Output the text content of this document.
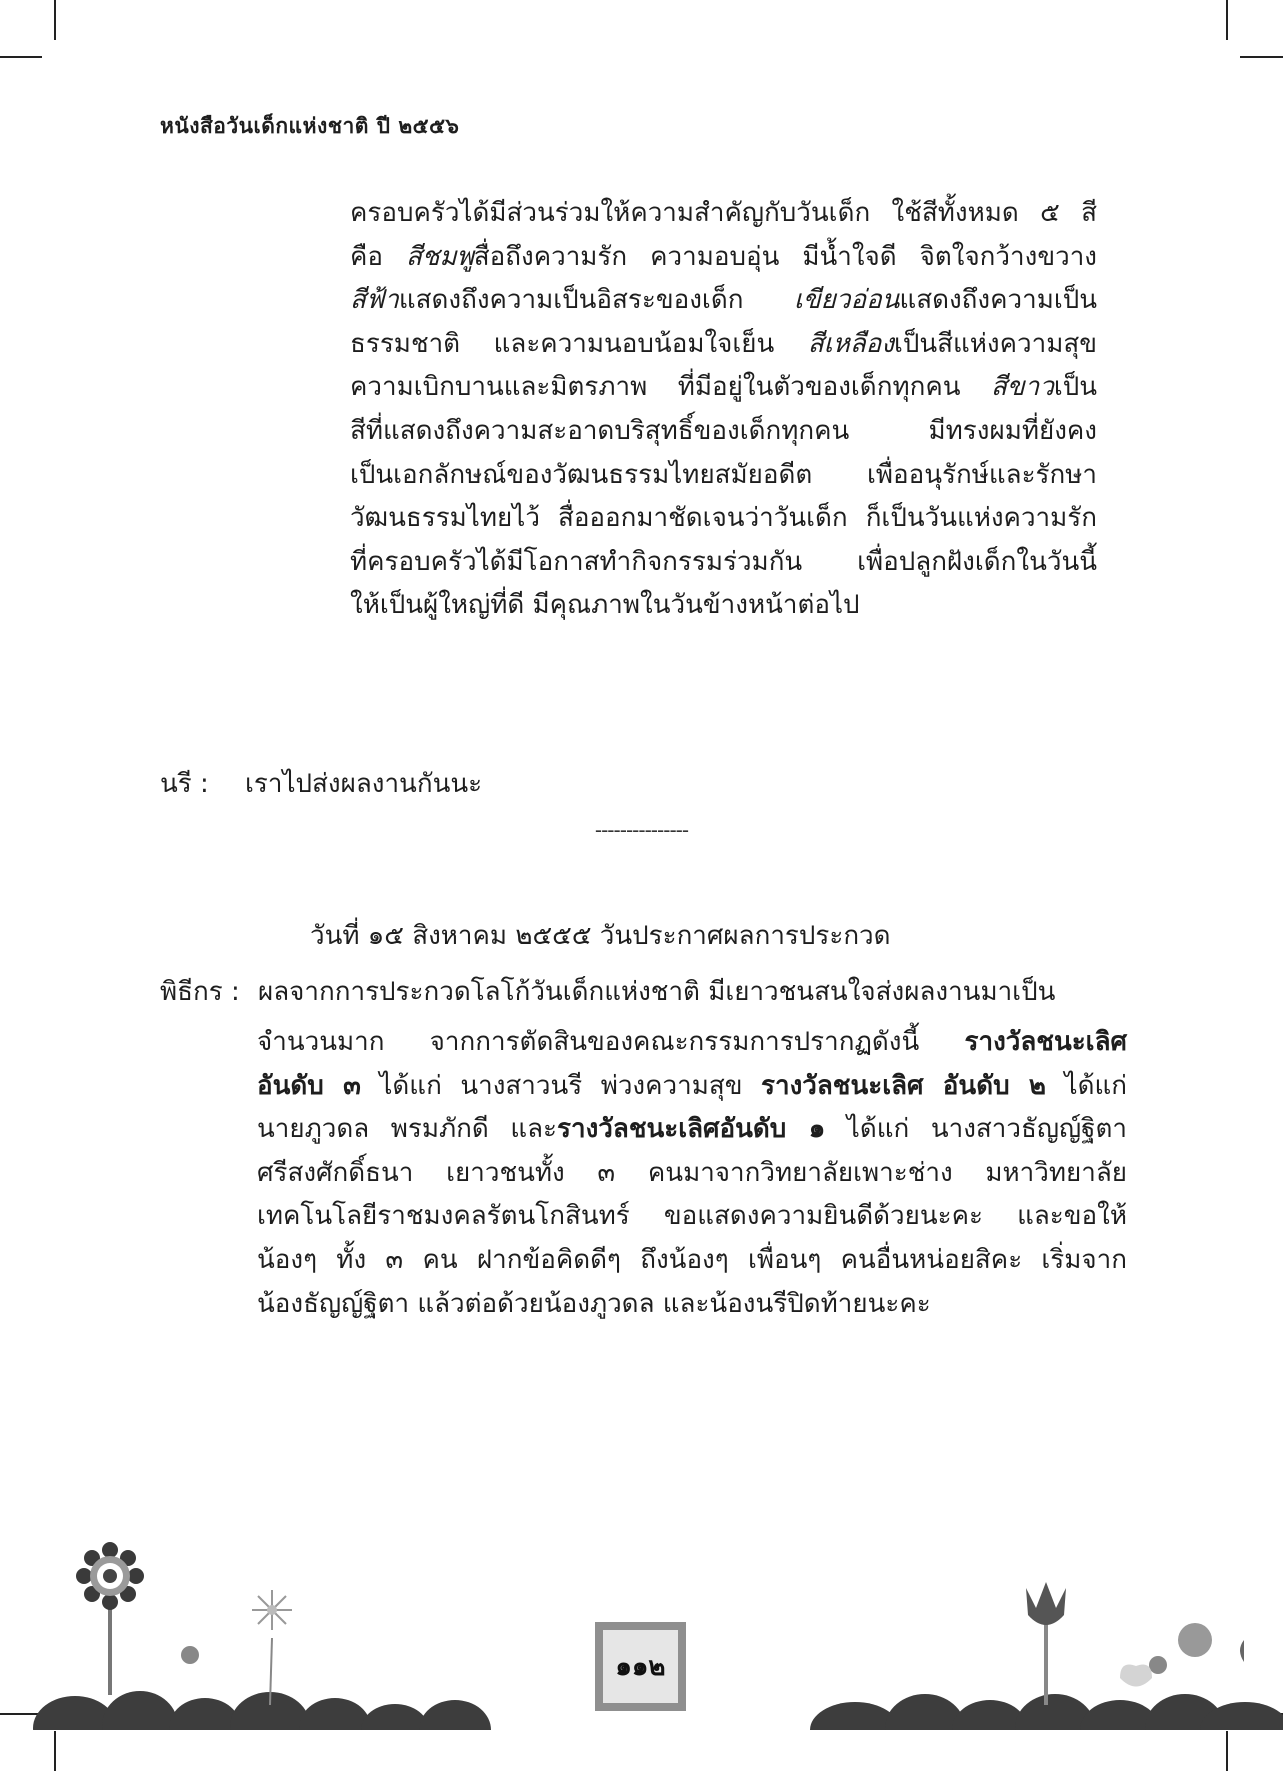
หนังสือวันเด็กแห่งชาติ ปี ๒๕๕๖

ครอบครัวได้มีส่วนร่วมให้ความสำคัญกับวันเด็ก ใช้สีทั้งหมด ๕ สี

คือ สีชมพูสื่อถึงความรัก ความอบอุ่น มีน้ำใจดี จิตใจกว้างขวาง

สีฟ้าแสดงถึงความเป็นอิสระของเด็ก เขียวอ่อนแสดงถึงความเป็น

ธรรมชาติ และความนอบน้อมใจเย็น สีเหลืองเป็นสีแห่งความสุข

ความเบิกบานและมิตรภาพ ที่มีอยู่ในตัวของเด็กทุกคน สีขาวเป็น

สีที่แสดงถึงความสะอาดบริสุทธิ์ของเด็กทุกคน มีทรงผมที่ยังคง

เป็นเอกลักษณ์ของวัฒนธรรมไทยสมัยอดีต เพื่ออนุรักษ์และรักษา

วัฒนธรรมไทยไว้ สื่อออกมาชัดเจนว่าวันเด็ก ก็เป็นวันแห่งความรัก

ที่ครอบครัวได้มีโอกาสทำกิจกรรมร่วมกัน เพื่อปลูกฝังเด็กในวันนี้

ให้เป็นผู้ใหญ่ที่ดี มีคุณภาพในวันข้างหน้าต่อไป

นรี : เราไปส่งผลงานกันนะ
---------------
วันที่ ๑๕ สิงหาคม ๒๕๕๕ วันประกาศผลการประกวด
พิธีกร : ผลจากการประกวดโลโก้วันเด็กแห่งชาติ มีเยาวชนสนใจส่งผลงานมาเป็น

จำนวนมาก จากการตัดสินของคณะกรรมการปรากฏดังนี้ รางวัลชนะเลิศ

อันดับ ๓ ได้แก่ นางสาวนรี พ่วงความสุข รางวัลชนะเลิศ อันดับ ๒ ได้แก่

นายภูวดล พรมภักดี และรางวัลชนะเลิศอันดับ ๑ ได้แก่ นางสาวธัญญ์ฐิตา

ศรีสงศักดิ์ธนา เยาวชนทั้ง ๓ คนมาจากวิทยาลัยเพาะช่าง มหาวิทยาลัย

เทคโนโลยีราชมงคลรัตนโกสินทร์ ขอแสดงความยินดีด้วยนะคะ และขอให้

น้องๆ ทั้ง ๓ คน ฝากข้อคิดดีๆ ถึงน้องๆ เพื่อนๆ คนอื่นหน่อยสิคะ เริ่มจาก

น้องธัญญ์ฐิตา แล้วต่อด้วยน้องภูวดล และน้องนรีปิดท้ายนะคะ

๑๑๒
